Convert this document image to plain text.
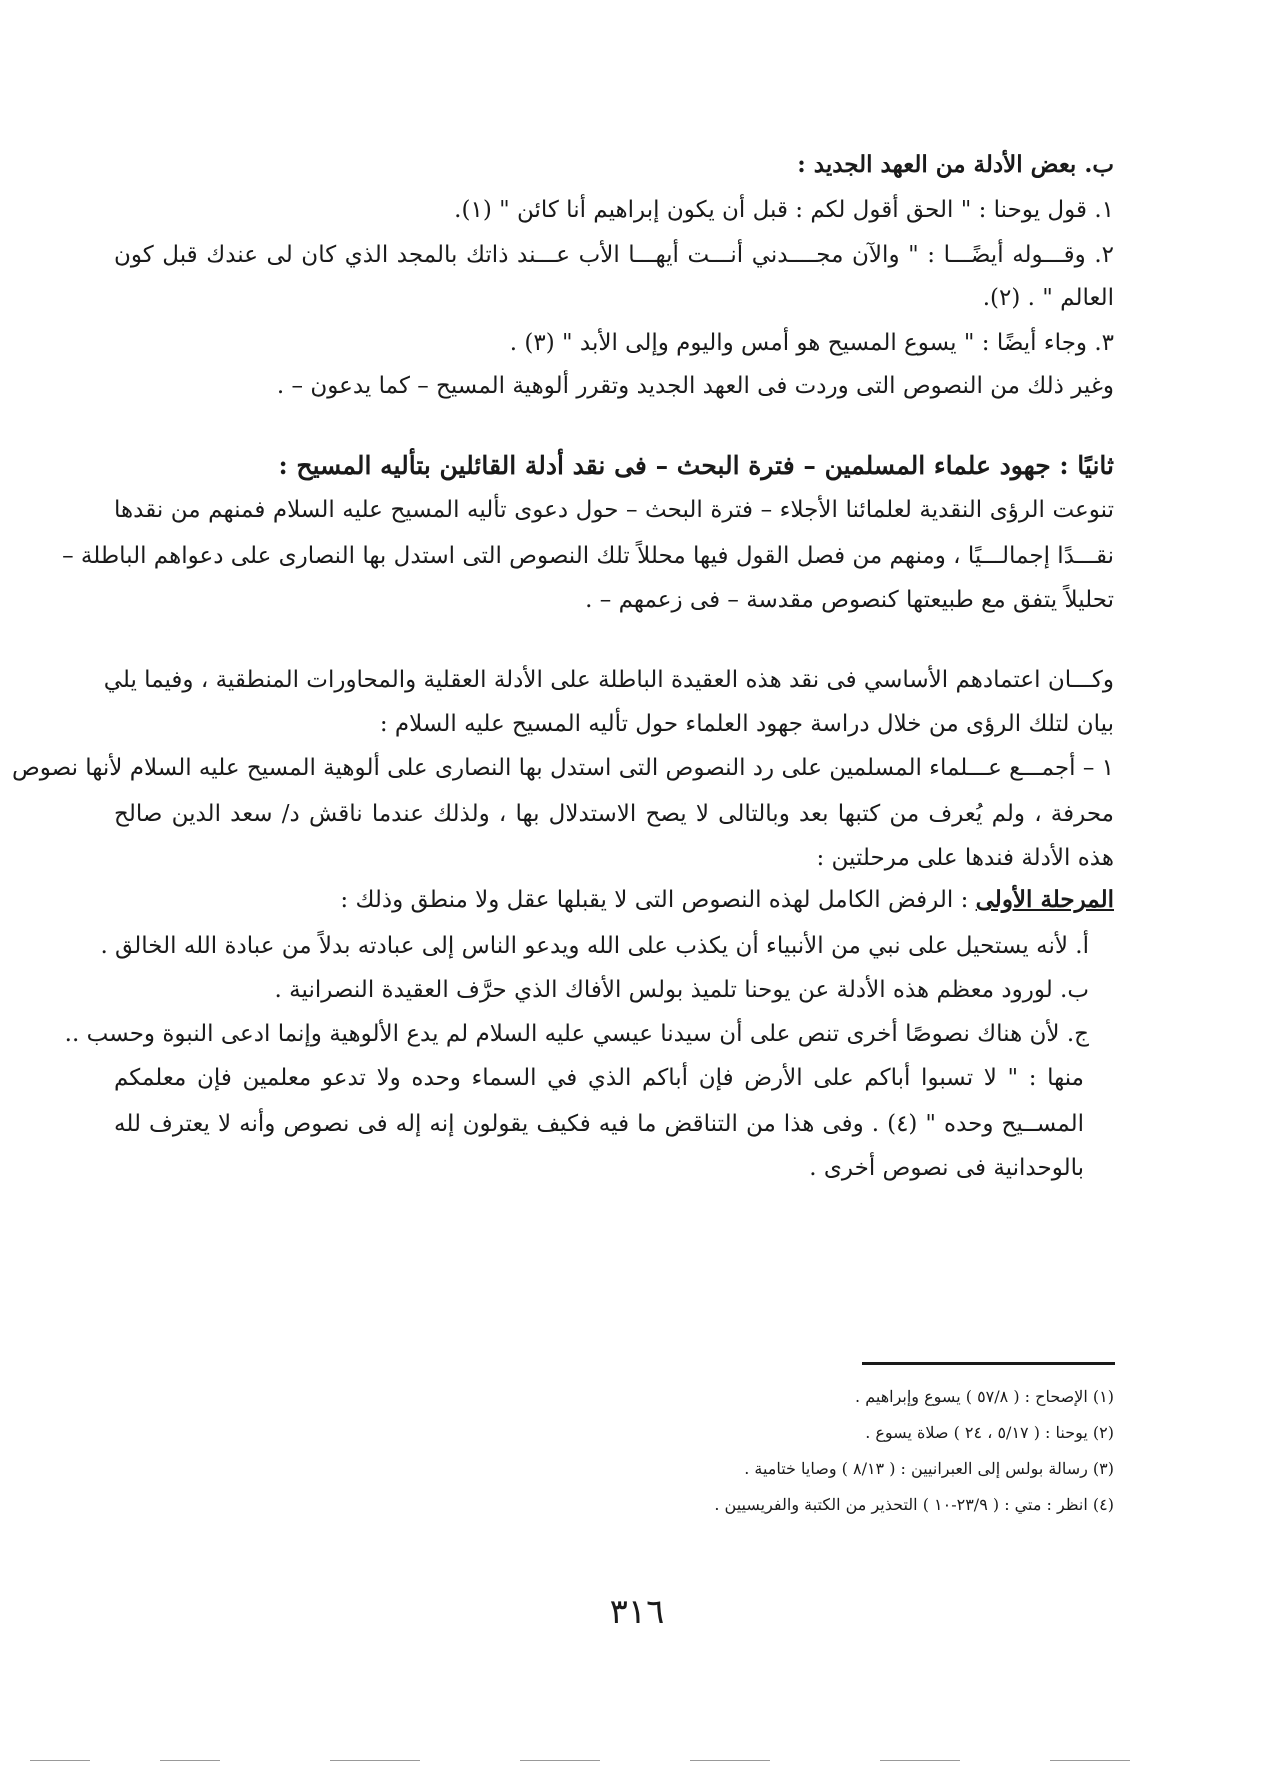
ب. بعض الأدلة من العهد الجديد :
١. قول يوحنا : " الحق أقول لكم : قبل أن يكون إبراهيم أنا كائن " (١).
٢. وقـــوله أيضًـــا : " والآن مجــــدني أنـــت أيهـــا الأب عـــند ذاتك بالمجد الذي كان لى عندك قبل كون
العالم " . (٢).
٣. وجاء أيضًا : " يسوع المسيح هو أمس واليوم وإلى الأبد " (٣) .
وغير ذلك من النصوص التى وردت فى العهد الجديد وتقرر ألوهية المسيح – كما يدعون – .
ثانيًا : جهود علماء المسلمين – فترة البحث – فى نقد أدلة القائلين بتأليه المسيح :
تنوعت الرؤى النقدية لعلمائنا الأجلاء – فترة البحث – حول دعوى تأليه المسيح عليه السلام فمنهم من نقدها
نقـــدًا إجمالـــيًا ، ومنهم من فصل القول فيها محللاً تلك النصوص التى استدل بها النصارى على دعواهم الباطلة –
تحليلاً يتفق مع طبيعتها كنصوص مقدسة – فى زعمهم – .
وكـــان اعتمادهم الأساسي فى نقد هذه العقيدة الباطلة على الأدلة العقلية والمحاورات المنطقية ، وفيما يلي
بيان لتلك الرؤى من خلال دراسة جهود العلماء حول تأليه المسيح عليه السلام :
١ – أجمـــع عـــلماء المسلمين على رد النصوص التى استدل بها النصارى على ألوهية المسيح عليه السلام لأنها نصوص
محرفة ، ولم يُعرف من كتبها بعد وبالتالى لا يصح الاستدلال بها ، ولذلك عندما ناقش د/ سعد الدين صالح
هذه الأدلة فندها على مرحلتين :
المرحلة الأولى : الرفض الكامل لهذه النصوص التى لا يقبلها عقل ولا منطق وذلك :
أ. لأنه يستحيل على نبي من الأنبياء أن يكذب على الله ويدعو الناس إلى عبادته بدلاً من عبادة الله الخالق .
ب. لورود معظم هذه الأدلة عن يوحنا تلميذ بولس الأفاك الذي حرَّف العقيدة النصرانية .
ج. لأن هناك نصوصًا أخرى تنص على أن سيدنا عيسي عليه السلام لم يدع الألوهية وإنما ادعى النبوة وحسب ..
منها : " لا تسبوا أباكم على الأرض فإن أباكم الذي في السماء وحده ولا تدعو معلمين فإن معلمكم
المســيح وحده " (٤) . وفى هذا من التناقض ما فيه فكيف يقولون إنه إله فى نصوص وأنه لا يعترف لله
بالوحدانية فى نصوص أخرى .
(١) الإصحاح : ( ٥٧/٨ ) يسوع وإبراهيم .
(٢) يوحنا : ( ٥/١٧ ، ٢٤ ) صلاة يسوع .
(٣) رسالة بولس إلى العبرانيين : ( ٨/١٣ ) وصايا ختامية .
(٤) انظر : متي : ( ٢٣/٩-١٠ ) التحذير من الكتبة والفريسيين .
٣١٦
